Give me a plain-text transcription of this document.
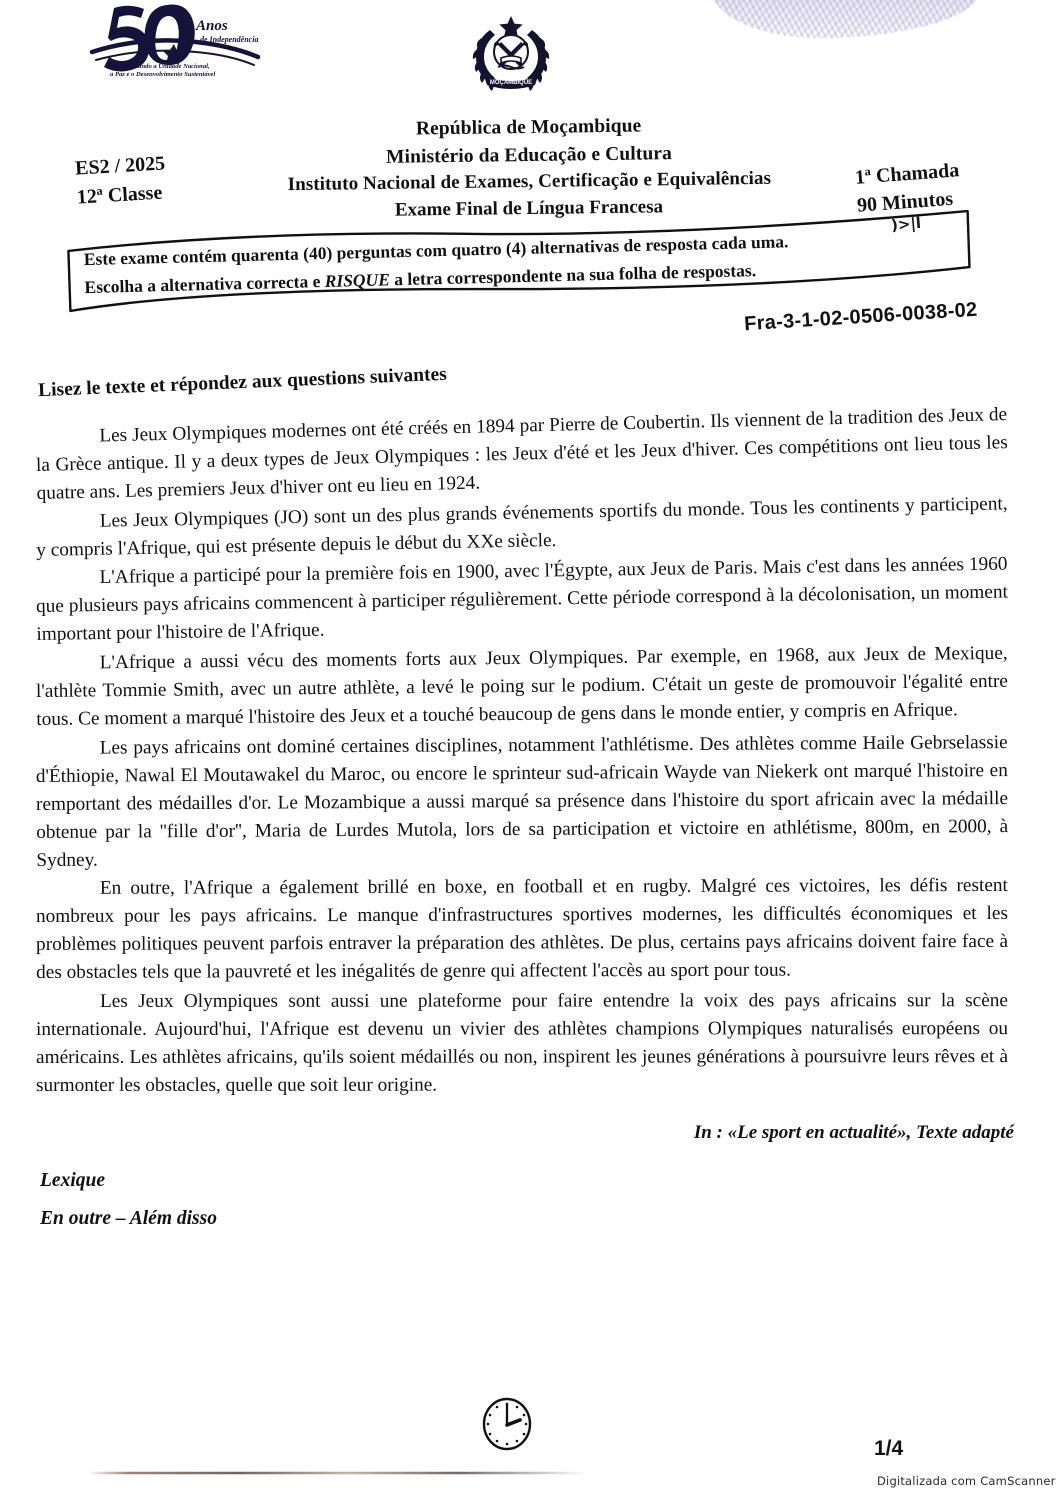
Anos
de Independência
Consolidando a Unidade Nacional,
a Paz e o Desenvolvimento Sustentável
MOÇAMBIQUE
República de Moçambique
Ministério da Educação e Cultura
Instituto Nacional de Exames, Certificação e Equivalências
Exame Final de Língua Francesa
ES2 / 2025
12ª Classe
1ª Chamada
90 Minutos
Este exame contém quarenta (40) perguntas com quatro (4) alternativas de resposta cada uma.
Escolha a alternativa correcta e RISQUE a letra correspondente na sua folha de respostas.
)>|l
Fra-3-1-02-0506-0038-02
Lisez le texte et répondez aux questions suivantes

Les Jeux Olympiques modernes ont été créés en 1894 par Pierre de Coubertin. Ils viennent de la tradition des Jeux de la Grèce antique. Il y a deux types de Jeux Olympiques : les Jeux d'été et les Jeux d'hiver. Ces compétitions ont lieu tous les quatre ans. Les premiers Jeux d'hiver ont eu lieu en 1924.

Les Jeux Olympiques (JO) sont un des plus grands événements sportifs du monde. Tous les continents y participent, y compris l'Afrique, qui est présente depuis le début du XXe siècle.

L'Afrique a participé pour la première fois en 1900, avec l'Égypte, aux Jeux de Paris. Mais c'est dans les années 1960 que plusieurs pays africains commencent à participer régulièrement. Cette période correspond à la décolonisation, un moment important pour l'histoire de l'Afrique.

L'Afrique a aussi vécu des moments forts aux Jeux Olympiques. Par exemple, en 1968, aux Jeux de Mexique, l'athlète Tommie Smith, avec un autre athlète, a levé le poing sur le podium. C'était un geste de promouvoir l'égalité entre tous. Ce moment a marqué l'histoire des Jeux et a touché beaucoup de gens dans le monde entier, y compris en Afrique.

Les pays africains ont dominé certaines disciplines, notamment l'athlétisme. Des athlètes comme Haile Gebrselassie d'Éthiopie, Nawal El Moutawakel du Maroc, ou encore le sprinteur sud-africain Wayde van Niekerk ont marqué l'histoire en remportant des médailles d'or. Le Mozambique a aussi marqué sa présence dans l'histoire du sport africain avec la médaille obtenue par la ''fille d'or'', Maria de Lurdes Mutola, lors de sa participation et victoire en athlétisme, 800m, en 2000, à Sydney.

En outre, l'Afrique a également brillé en boxe, en football et en rugby. Malgré ces victoires, les défis restent nombreux pour les pays africains. Le manque d'infrastructures sportives modernes, les difficultés économiques et les problèmes politiques peuvent parfois entraver la préparation des athlètes. De plus, certains pays africains doivent faire face à des obstacles tels que la pauvreté et les inégalités de genre qui affectent l'accès au sport pour tous.

Les Jeux Olympiques sont aussi une plateforme pour faire entendre la voix des pays africains sur la scène internationale. Aujourd'hui, l'Afrique est devenu un vivier des athlètes champions Olympiques naturalisés européens ou américains. Les athlètes africains, qu'ils soient médaillés ou non, inspirent les jeunes générations à poursuivre leurs rêves et à surmonter les obstacles, quelle que soit leur origine.

In : «Le sport en actualité», Texte adapté
Lexique
En outre – Além disso
1/4
Digitalizada com CamScanner
